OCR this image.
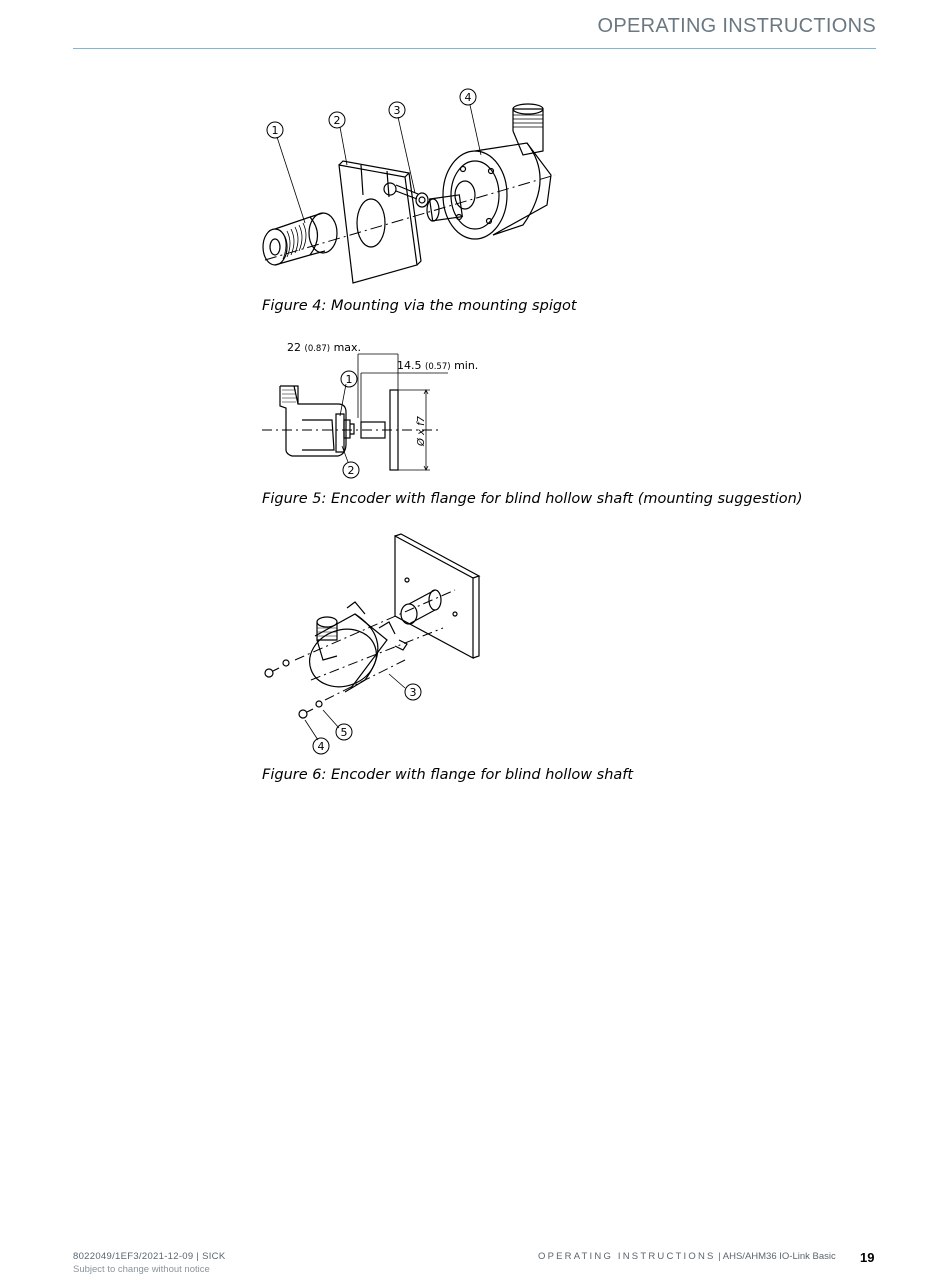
OPERATING INSTRUCTIONS
1
2
3
4
Figure 4: Mounting via the mounting spigot
22 (0.87) max.
14.5 (0.57) min.
1
2
Ø x f7
Figure 5: Encoder with flange for blind hollow shaft (mounting suggestion)
3
4
5
Figure 6: Encoder with flange for blind hollow shaft
8022049/1EF3/2021-12-09 | SICK
Subject to change without notice
OPERATING INSTRUCTIONS | AHS/AHM36 IO-Link Basic 19
